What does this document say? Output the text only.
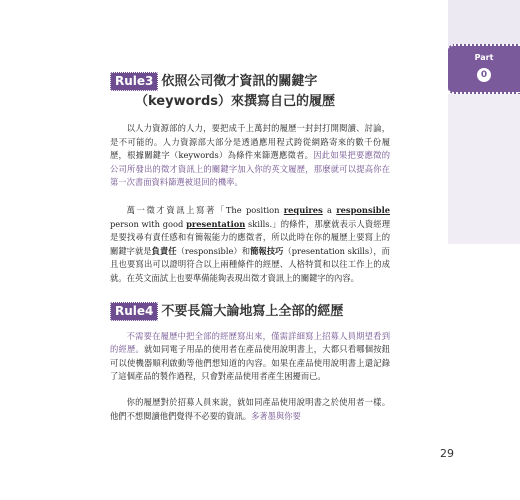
Part
0
Rule3 依照公司徵才資訊的關鍵字
（keywords）來撰寫自己的履歷

以人力資源部的人力，要把成千上萬封的履歷一封封打開閱讀、討論，是不可能的。人力資源部大部分是透過應用程式跨從網路寄來的數千份履歷，根據關鍵字（keywords）為條件來篩選應徵者。因此如果把要應徵的公司所發出的徵才資訊上的關鍵字加入你的英文履歷，那麼就可以提高你在第一次書面資料篩選被退回的機率。

萬一徵才資訊上寫著「The position requires a responsible person with good presentation skills.」的條件，那麼就表示人資經理是要找尋有責任感和有簡報能力的應徵者，所以此時在你的履歷上要寫上的關鍵字就是負責任（responsible）和簡報技巧（presentation skills），而且也要寫出可以證明符合以上兩種條件的經歷、人格特質和以往工作上的成就。在英文面試上也要準備能夠表現出徵才資訊上的關鍵字的內容。

Rule4 不要長篇大論地寫上全部的經歷

不需要在履歷中把全部的經歷寫出來，僅需詳細寫上招募人員期望看到的經歷。就如同電子用品的使用者在產品使用說明書上，大都只看哪個按鈕可以使機器順利啟動等他們想知道的內容。如果在產品使用說明書上還記錄了這個產品的製作過程，只會對產品使用者產生困擾而已。

你的履歷對於招募人員來說，就如同產品使用說明書之於使用者一樣。他們不想閱讀他們覺得不必要的資訊。多著墨與你要

29
